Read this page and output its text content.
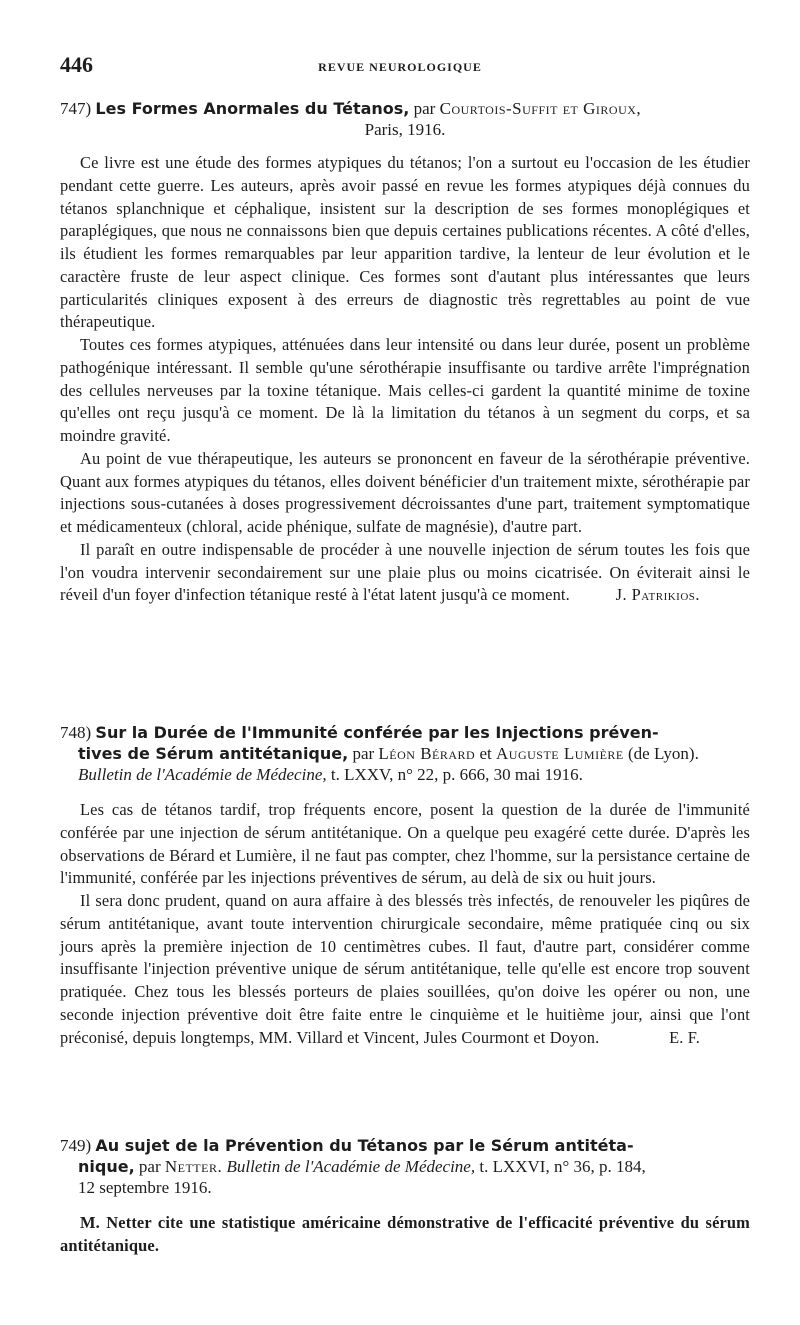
446	REVUE NEUROLOGIQUE
747) Les Formes Anormales du Tétanos, par Courtois-Suffit et Giroux,
Paris, 1916.

Ce livre est une étude des formes atypiques du tétanos; l'on a surtout eu l'occasion de les étudier pendant cette guerre. Les auteurs, après avoir passé en revue les formes atypiques déjà connues du tétanos splanchnique et céphalique, insistent sur la description de ses formes monoplégiques et paraplégiques, que nous ne connaissons bien que depuis certaines publications récentes. A côté d'elles, ils étudient les formes remarquables par leur apparition tardive, la lenteur de leur évolution et le caractère fruste de leur aspect clinique. Ces formes sont d'autant plus intéressantes que leurs particularités cliniques exposent à des erreurs de diagnostic très regrettables au point de vue thérapeutique.

Toutes ces formes atypiques, atténuées dans leur intensité ou dans leur durée, posent un problème pathogénique intéressant. Il semble qu'une sérothérapie insuffisante ou tardive arrête l'imprégnation des cellules nerveuses par la toxine tétanique. Mais celles-ci gardent la quantité minime de toxine qu'elles ont reçu jusqu'à ce moment. De là la limitation du tétanos à un segment du corps, et sa moindre gravité.

Au point de vue thérapeutique, les auteurs se prononcent en faveur de la sérothérapie préventive. Quant aux formes atypiques du tétanos, elles doivent bénéficier d'un traitement mixte, sérothérapie par injections sous-cutanées à doses progressivement décroissantes d'une part, traitement symptomatique et médicamenteux (chloral, acide phénique, sulfate de magnésie), d'autre part.

Il paraît en outre indispensable de procéder à une nouvelle injection de sérum toutes les fois que l'on voudra intervenir secondairement sur une plaie plus ou moins cicatrisée. On éviterait ainsi le réveil d'un foyer d'infection tétanique resté à l'état latent jusqu'à ce moment.	J. Patrikios.

748) Sur la Durée de l'Immunité conférée par les Injections préven-
tives de Sérum antitétanique, par Léon Bérard et Auguste Lumière (de Lyon). Bulletin de l'Académie de Médecine, t. LXXV, n° 22, p. 666, 30 mai 1916.

Les cas de tétanos tardif, trop fréquents encore, posent la question de la durée de l'immunité conférée par une injection de sérum antitétanique. On a quelque peu exagéré cette durée. D'après les observations de Bérard et Lumière, il ne faut pas compter, chez l'homme, sur la persistance certaine de l'immunité, conférée par les injections préventives de sérum, au delà de six ou huit jours.

Il sera donc prudent, quand on aura affaire à des blessés très infectés, de renouveler les piqûres de sérum antitétanique, avant toute intervention chirurgicale secondaire, même pratiquée cinq ou six jours après la première injection de 10 centimètres cubes. Il faut, d'autre part, considérer comme insuffisante l'injection préventive unique de sérum antitétanique, telle qu'elle est encore trop souvent pratiquée. Chez tous les blessés porteurs de plaies souillées, qu'on doive les opérer ou non, une seconde injection préventive doit être faite entre le cinquième et le huitième jour, ainsi que l'ont préconisé, depuis longtemps, MM. Villard et Vincent, Jules Courmont et Doyon.	E. F.

749) Au sujet de la Prévention du Tétanos par le Sérum antitéta-
nique, par Netter. Bulletin de l'Académie de Médecine, t. LXXVI, n° 36, p. 184,
12 septembre 1916.

M. Netter cite une statistique américaine démonstrative de l'efficacité préventive du sérum antitétanique.
